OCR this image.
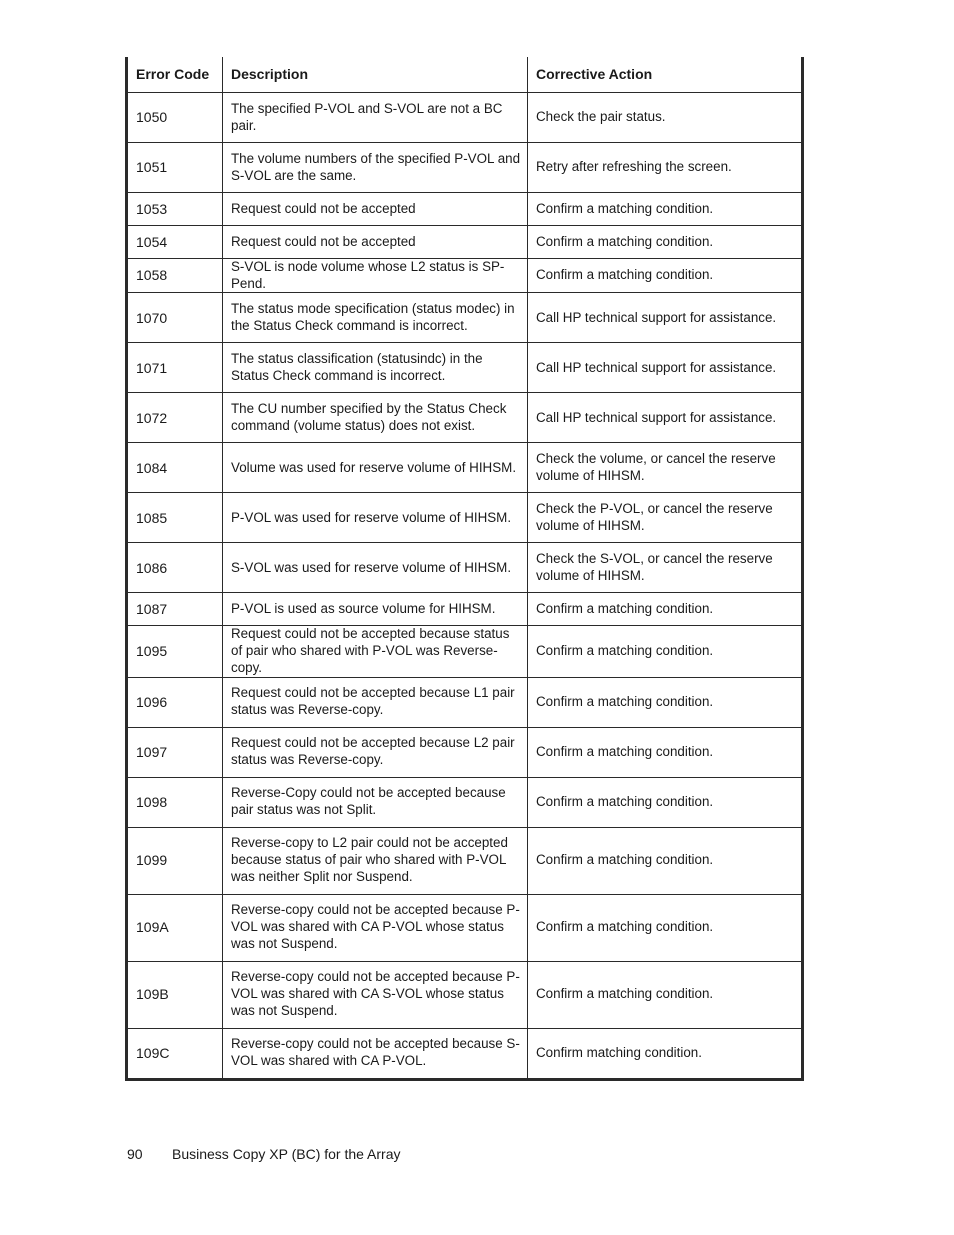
Error Code	Description	Corrective Action
1050	The specified P-VOL and S-VOL are not a BC pair.	Check the pair status.
1051	The volume numbers of the specified P-VOL and S-VOL are the same.	Retry after refreshing the screen.
1053	Request could not be accepted	Confirm a matching condition.
1054	Request could not be accepted	Confirm a matching condition.
1058	S-VOL is node volume whose L2 status is SP-Pend.	Confirm a matching condition.
1070	The status mode specification (status modec) in the Status Check command is incorrect.	Call HP technical support for assistance.
1071	The status classification (statusindc) in the Status Check command is incorrect.	Call HP technical support for assistance.
1072	The CU number specified by the Status Check command (volume status) does not exist.	Call HP technical support for assistance.
1084	Volume was used for reserve volume of HIHSM.	Check the volume, or cancel the reserve volume of HIHSM.
1085	P-VOL was used for reserve volume of HIHSM.	Check the P-VOL, or cancel the reserve volume of HIHSM.
1086	S-VOL was used for reserve volume of HIHSM.	Check the S-VOL, or cancel the reserve volume of HIHSM.
1087	P-VOL is used as source volume for HIHSM.	Confirm a matching condition.
1095	Request could not be accepted because status of pair who shared with P-VOL was Reverse-copy.	Confirm a matching condition.
1096	Request could not be accepted because L1 pair status was Reverse-copy.	Confirm a matching condition.
1097	Request could not be accepted because L2 pair status was Reverse-copy.	Confirm a matching condition.
1098	Reverse-Copy could not be accepted because pair status was not Split.	Confirm a matching condition.
1099	Reverse-copy to L2 pair could not be accepted because status of pair who shared with P-VOL was neither Split nor Suspend.	Confirm a matching condition.
109A	Reverse-copy could not be accepted because P-VOL was shared with CA P-VOL whose status was not Suspend.	Confirm a matching condition.
109B	Reverse-copy could not be accepted because P-VOL was shared with CA S-VOL whose status was not Suspend.	Confirm a matching condition.
109C	Reverse-copy could not be accepted because S-VOL was shared with CA P-VOL.	Confirm matching condition.
90 Business Copy XP (BC) for the Array
